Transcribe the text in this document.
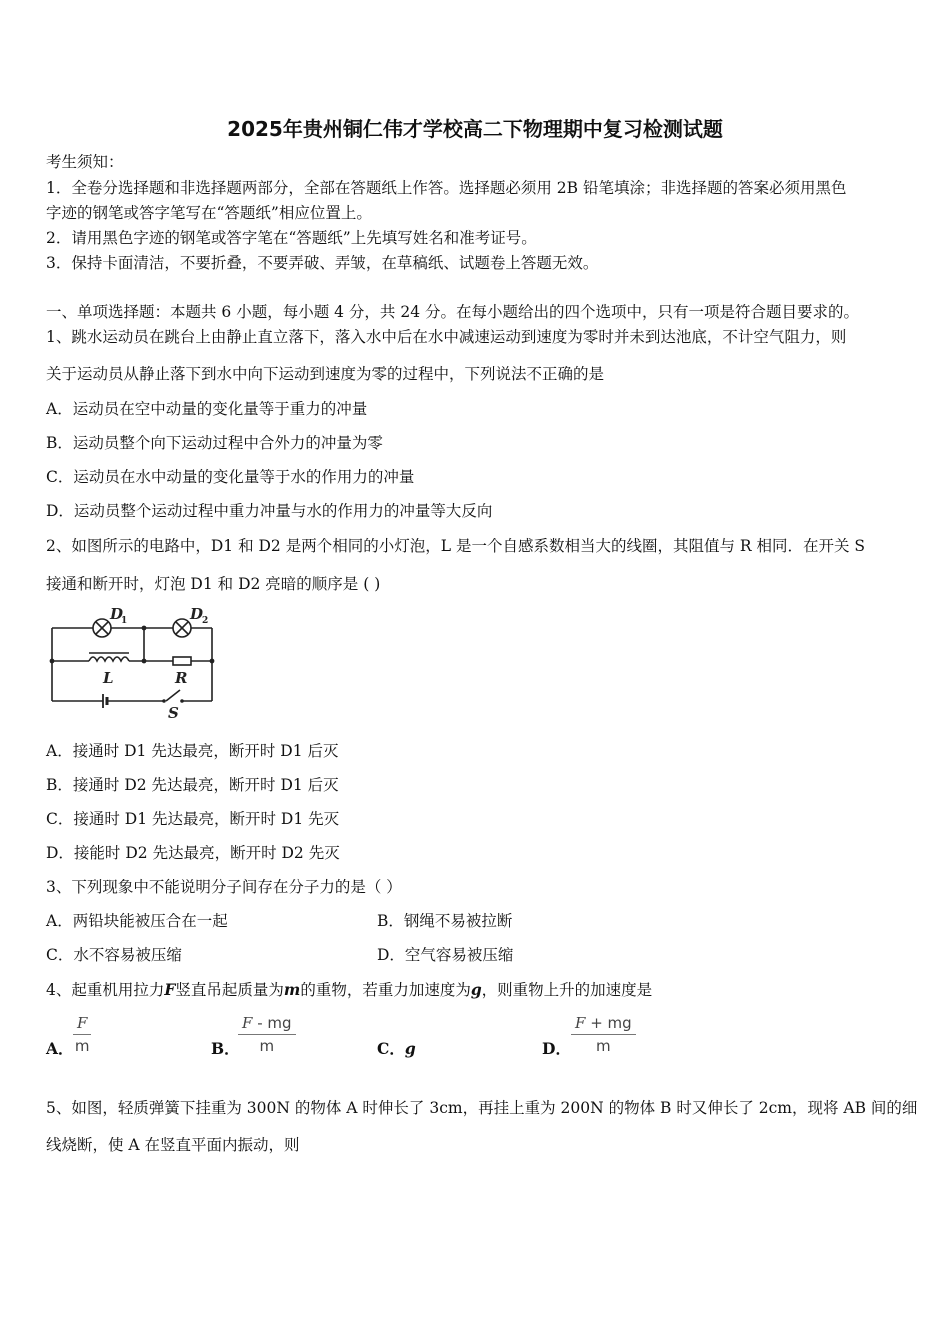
2025年贵州铜仁伟才学校高二下物理期中复习检测试题
考生须知：
1．全卷分选择题和非选择题两部分，全部在答题纸上作答。选择题必须用 2B 铅笔填涂；非选择题的答案必须用黑色
字迹的钢笔或答字笔写在“答题纸”相应位置上。
2．请用黑色字迹的钢笔或答字笔在“答题纸”上先填写姓名和准考证号。
3．保持卡面清洁，不要折叠，不要弄破、弄皱，在草稿纸、试题卷上答题无效。
一、单项选择题：本题共 6 小题，每小题 4 分，共 24 分。在每小题给出的四个选项中，只有一项是符合题目要求的。
1、跳水运动员在跳台上由静止直立落下，落入水中后在水中减速运动到速度为零时并未到达池底，不计空气阻力，则
关于运动员从静止落下到水中向下运动到速度为零的过程中，下列说法不正确的是
A．运动员在空中动量的变化量等于重力的冲量
B．运动员整个向下运动过程中合外力的冲量为零
C．运动员在水中动量的变化量等于水的作用力的冲量
D．运动员整个运动过程中重力冲量与水的作用力的冲量等大反向
2、如图所示的电路中，D1 和 D2 是两个相同的小灯泡，L 是一个自感系数相当大的线圈，其阻值与 R 相同．在开关 S
接通和断开时，灯泡 D1 和 D2 亮暗的顺序是 ( )
D
1	D
2
L	R
S
A．接通时 D1 先达最亮，断开时 D1 后灭
B．接通时 D2 先达最亮，断开时 D1 后灭
C．接通时 D1 先达最亮，断开时 D1 先灭
D．接能时 D2 先达最亮，断开时 D2 先灭
3、下列现象中不能说明分子间存在分子力的是（ ）
A．两铅块能被压合在一起	B．钢绳不易被拉断
C．水不容易被压缩	D．空气容易被压缩
4、起重机用拉力F竖直吊起质量为m的重物，若重力加速度为g，则重物上升的加速度是
A． $\frac{F}{m}$	B．
$\frac{F - mg}{m}$	C．g	D． $\frac{F + mg}{m}$
5、如图，轻质弹簧下挂重为 300N 的物体 A 时伸长了 3cm，再挂上重为 200N 的物体 B 时又伸长了 2cm，现将 AB 间的细
线烧断，使 A 在竖直平面内振动，则
